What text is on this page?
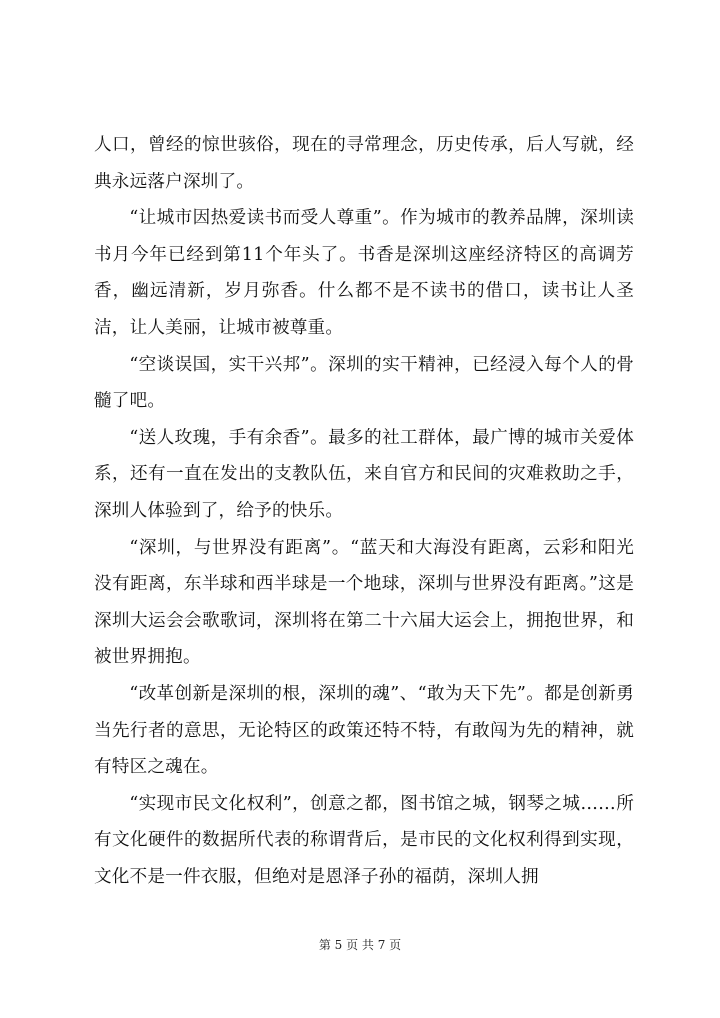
人口，曾经的惊世骇俗，现在的寻常理念，历史传承，后人写就，经典永远落户深圳了。

“让城市因热爱读书而受人尊重”。作为城市的教养品牌，深圳读书月今年已经到第11个年头了。书香是深圳这座经济特区的高调芳香，幽远清新，岁月弥香。什么都不是不读书的借口，读书让人圣洁，让人美丽，让城市被尊重。

“空谈误国，实干兴邦”。深圳的实干精神，已经浸入每个人的骨髓了吧。

“送人玫瑰，手有余香”。最多的社工群体，最广博的城市关爱体系，还有一直在发出的支教队伍，来自官方和民间的灾难救助之手，深圳人体验到了，给予的快乐。

“深圳，与世界没有距离”。“蓝天和大海没有距离，云彩和阳光没有距离，东半球和西半球是一个地球，深圳与世界没有距离。”这是深圳大运会会歌歌词，深圳将在第二十六届大运会上，拥抱世界，和被世界拥抱。

“改革创新是深圳的根，深圳的魂”、“敢为天下先”。都是创新勇当先行者的意思，无论特区的政策还特不特，有敢闯为先的精神，就有特区之魂在。

“实现市民文化权利”，创意之都，图书馆之城，钢琴之城……所有文化硬件的数据所代表的称谓背后，是市民的文化权利得到实现，文化不是一件衣服，但绝对是恩泽子孙的福荫，深圳人拥

第 5 页 共 7 页
